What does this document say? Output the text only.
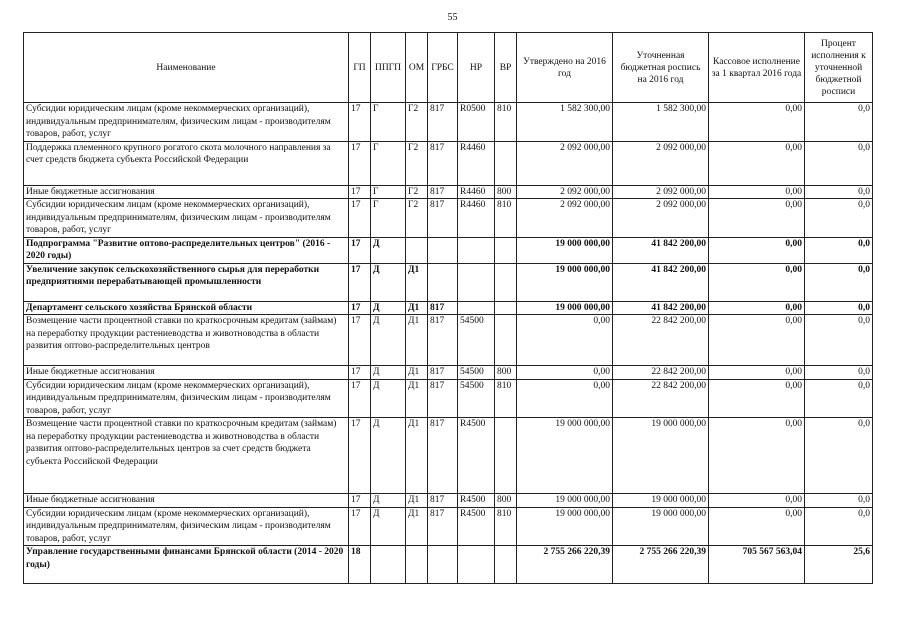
55
Наименование	ГП	ППГП	ОМ	ГРБС	НР	ВР	Утверждено на 2016 год	Уточненная бюджетная роспись на 2016 год	Кассовое исполнение за 1 квартал 2016 года	Процент исполнения к уточненной бюджетной росписи
Субсидии юридическим лицам (кроме некоммерческих организаций), индивидуальным предпринимателям, физическим лицам - производителям товаров, работ, услуг	17	Г	Г2	817	R0500	810	1 582 300,00	1 582 300,00	0,00	0,0
Поддержка племенного крупного рогатого скота молочного направления за счет средств бюджета субъекта Российской Федерации	17	Г	Г2	817	R4460		2 092 000,00	2 092 000,00	0,00	0,0
Иные бюджетные ассигнования	17	Г	Г2	817	R4460	800	2 092 000,00	2 092 000,00	0,00	0,0
Субсидии юридическим лицам (кроме некоммерческих организаций), индивидуальным предпринимателям, физическим лицам - производителям товаров, работ, услуг	17	Г	Г2	817	R4460	810	2 092 000,00	2 092 000,00	0,00	0,0
Подпрограмма "Развитие оптово-распределительных центров" (2016 - 2020 годы)	17	Д					19 000 000,00	41 842 200,00	0,00	0,0
Увеличение закупок сельскохозяйственного сырья для переработки предприятиями перерабатывающей промышленности	17	Д	Д1				19 000 000,00	41 842 200,00	0,00	0,0
Департамент сельского хозяйства Брянской области	17	Д	Д1	817			19 000 000,00	41 842 200,00	0,00	0,0
Возмещение части процентной ставки по краткосрочным кредитам (займам) на переработку продукции растениеводства и животноводства в области развития оптово-распределительных центров	17	Д	Д1	817	54500		0,00	22 842 200,00	0,00	0,0
Иные бюджетные ассигнования	17	Д	Д1	817	54500	800	0,00	22 842 200,00	0,00	0,0
Субсидии юридическим лицам (кроме некоммерческих организаций), индивидуальным предпринимателям, физическим лицам - производителям товаров, работ, услуг	17	Д	Д1	817	54500	810	0,00	22 842 200,00	0,00	0,0
Возмещение части процентной ставки по краткосрочным кредитам (займам) на переработку продукции растениеводства и животноводства в области развития оптово-распределительных центров за счет средств бюджета субъекта Российской Федерации	17	Д	Д1	817	R4500		19 000 000,00	19 000 000,00	0,00	0,0
Иные бюджетные ассигнования	17	Д	Д1	817	R4500	800	19 000 000,00	19 000 000,00	0,00	0,0
Субсидии юридическим лицам (кроме некоммерческих организаций), индивидуальным предпринимателям, физическим лицам - производителям товаров, работ, услуг	17	Д	Д1	817	R4500	810	19 000 000,00	19 000 000,00	0,00	0,0
Управление государственными финансами Брянской области (2014 - 2020 годы)	18						2 755 266 220,39	2 755 266 220,39	705 567 563,04	25,6
